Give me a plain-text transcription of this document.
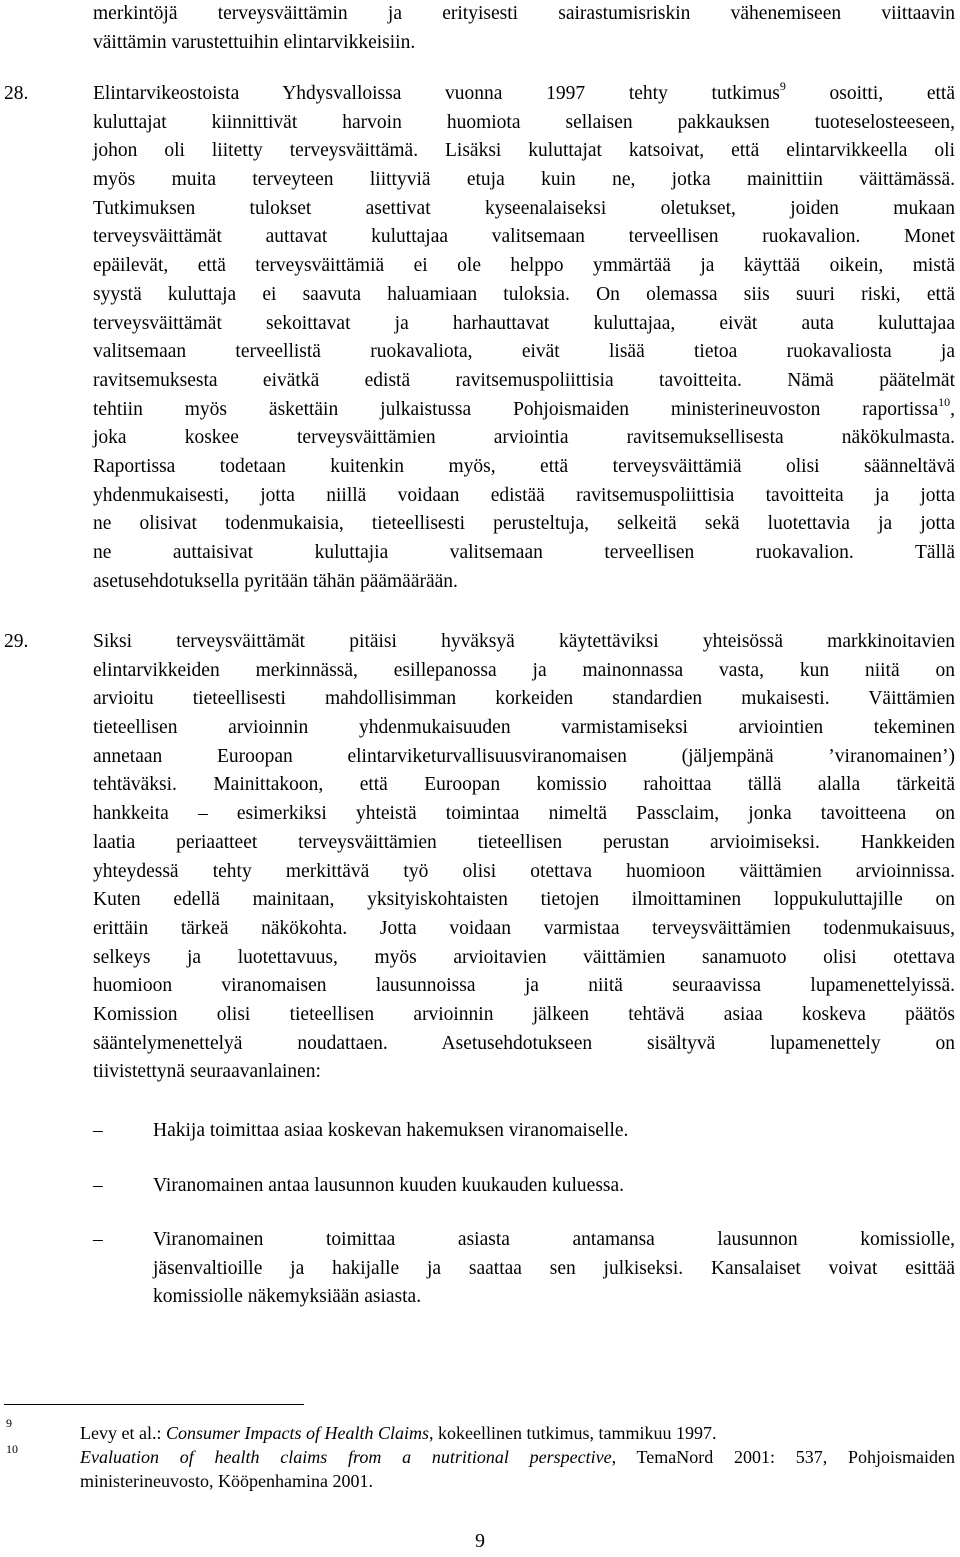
merkintöjä terveysväittämin ja erityisesti sairastumisriskin vähenemiseen viittaavin
väittämin varustettuihin elintarvikkeisiin.
28.	Elintarvikeostoista Yhdysvalloissa vuonna 1997 tehty tutkimus$^9$ osoitti, että
kuluttajat kiinnittivät harvoin huomiota sellaisen pakkauksen tuoteselosteeseen,
johon oli liitetty terveysväittämä. Lisäksi kuluttajat katsoivat, että elintarvikkeella oli
myös muita terveyteen liittyviä etuja kuin ne, jotka mainittiin väittämässä.
Tutkimuksen tulokset asettivat kyseenalaiseksi oletukset, joiden mukaan
terveysväittämät auttavat kuluttajaa valitsemaan terveellisen ruokavalion. Monet
epäilevät, että terveysväittämiä ei ole helppo ymmärtää ja käyttää oikein, mistä
syystä kuluttaja ei saavuta haluamiaan tuloksia. On olemassa siis suuri riski, että
terveysväittämät sekoittavat ja harhauttavat kuluttajaa, eivät auta kuluttajaa
valitsemaan terveellistä ruokavaliota, eivät lisää tietoa ruokavaliosta ja
ravitsemuksesta eivätkä edistä ravitsemuspoliittisia tavoitteita. Nämä päätelmät
tehtiin myös äskettäin julkaistussa Pohjoismaiden ministerineuvoston raportissa$^{10}$,
joka koskee terveysväittämien arviointia ravitsemuksellisesta näkökulmasta.
Raportissa todetaan kuitenkin myös, että terveysväittämiä olisi säänneltävä
yhdenmukaisesti, jotta niillä voidaan edistää ravitsemuspoliittisia tavoitteita ja jotta
ne olisivat todenmukaisia, tieteellisesti perusteltuja, selkeitä sekä luotettavia ja jotta
ne auttaisivat kuluttajia valitsemaan terveellisen ruokavalion. Tällä
asetusehdotuksella pyritään tähän päämäärään.
29.	Siksi terveysväittämät pitäisi hyväksyä käytettäviksi yhteisössä markkinoitavien
elintarvikkeiden merkinnässä, esillepanossa ja mainonnassa vasta, kun niitä on
arvioitu tieteellisesti mahdollisimman korkeiden standardien mukaisesti. Väittämien
tieteellisen arvioinnin yhdenmukaisuuden varmistamiseksi arviointien tekeminen
annetaan Euroopan elintarviketurvallisuusviranomaisen (jäljempänä ’viranomainen’)
tehtäväksi. Mainittakoon, että Euroopan komissio rahoittaa tällä alalla tärkeitä
hankkeita – esimerkiksi yhteistä toimintaa nimeltä Passclaim, jonka tavoitteena on
laatia periaatteet terveysväittämien tieteellisen perustan arvioimiseksi. Hankkeiden
yhteydessä tehty merkittävä työ olisi otettava huomioon väittämien arvioinnissa.
Kuten edellä mainitaan, yksityiskohtaisten tietojen ilmoittaminen loppukuluttajille on
erittäin tärkeä näkökohta. Jotta voidaan varmistaa terveysväittämien todenmukaisuus,
selkeys ja luotettavuus, myös arvioitavien väittämien sanamuoto olisi otettava
huomioon viranomaisen lausunnoissa ja niitä seuraavissa lupamenettelyissä.
Komission olisi tieteellisen arvioinnin jälkeen tehtävä asiaa koskeva päätös
sääntelymenettelyä noudattaen. Asetusehdotukseen sisältyvä lupamenettely on
tiivistettynä seuraavanlainen:
–	Hakija toimittaa asiaa koskevan hakemuksen viranomaiselle.
–	Viranomainen antaa lausunnon kuuden kuukauden kuluessa.
–	Viranomainen toimittaa asiasta antamansa lausunnon komissiolle,
jäsenvaltioille ja hakijalle ja saattaa sen julkiseksi. Kansalaiset voivat esittää
komissiolle näkemyksiään asiasta.
9	Levy et al.: Consumer Impacts of Health Claims, kokeellinen tutkimus, tammikuu 1997.
10	Evaluation of health claims from a nutritional perspective, TemaNord 2001: 537, Pohjoismaiden
ministerineuvosto, Kööpenhamina 2001.
9
